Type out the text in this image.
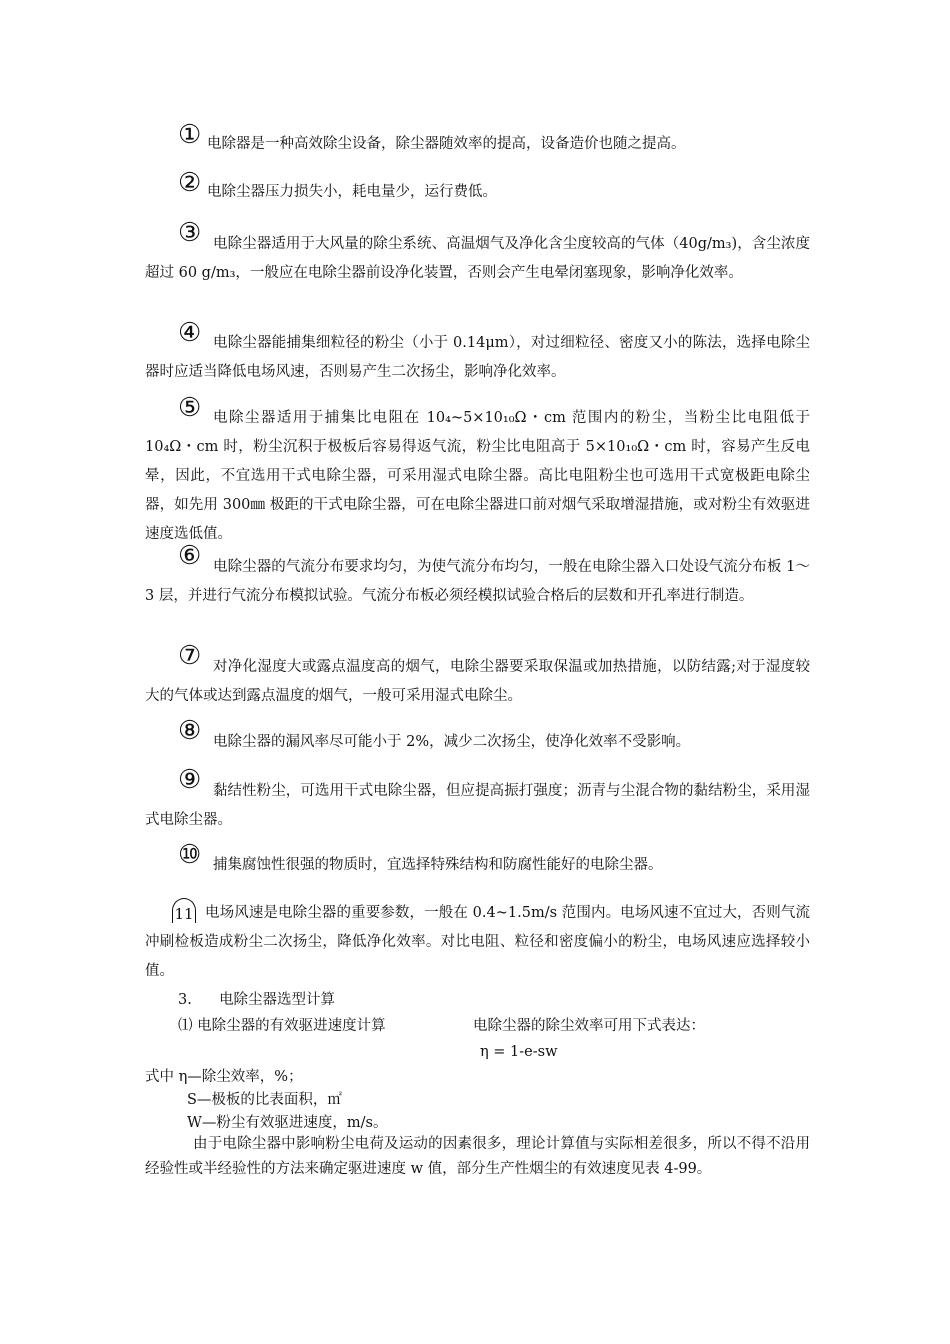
① 电除器是一种高效除尘设备，除尘器随效率的提高，设备造价也随之提高。
② 电除尘器压力损失小，耗电量少，运行费低。
③ 电除尘器适用于大风量的除尘系统、高温烟气及净化含尘度较高的气体（40g/m₃)，含尘浓度超过 60 g/m₃，一般应在电除尘器前设净化装置，否则会产生电晕闭塞现象，影响净化效率。
④ 电除尘器能捕集细粒径的粉尘（小于 0.14μm），对过细粒径、密度又小的陈法，选择电除尘器时应适当降低电场风速，否则易产生二次扬尘，影响净化效率。
⑤ 电除尘器适用于捕集比电阻在 10₄~5×10₁₀Ω・cm 范围内的粉尘，当粉尘比电阻低于 10₄Ω・cm 时，粉尘沉积于极板后容易得返气流，粉尘比电阻高于 5×10₁₀Ω・cm 时，容易产生反电晕，因此，不宜选用干式电除尘器，可采用湿式电除尘器。高比电阻粉尘也可选用干式宽极距电除尘器，如先用 300㎜ 极距的干式电除尘器，可在电除尘器进口前对烟气采取增湿措施，或对粉尘有效驱进速度选低值。
⑥ 电除尘器的气流分布要求均匀，为使气流分布均匀，一般在电除尘器入口处设气流分布板 1～3 层，并进行气流分布模拟试验。气流分布板必须经模拟试验合格后的层数和开孔率进行制造。
⑦ 对净化湿度大或露点温度高的烟气，电除尘器要采取保温或加热措施，以防结露;对于湿度较大的气体或达到露点温度的烟气，一般可采用湿式电除尘。
⑧ 电除尘器的漏风率尽可能小于 2%，减少二次扬尘，使净化效率不受影响。
⑨ 黏结性粉尘，可选用干式电除尘器，但应提高振打强度；沥青与尘混合物的黏结粉尘，采用湿式电除尘器。
⑩ 捕集腐蚀性很强的物质时，宜选择特殊结构和防腐性能好的电除尘器。
11 电场风速是电除尘器的重要参数，一般在 0.4~1.5m/s 范围内。电场风速不宜过大，否则气流冲刷检板造成粉尘二次扬尘，降低净化效率。对比电阻、粒径和密度偏小的粉尘，电场风速应选择较小值。
3. 电除尘器选型计算
⑴ 电除尘器的有效驱进速度计算	电除尘器的除尘效率可用下式表达：
η = 1-e-sw
式中 η—除尘效率，%；
S—极板的比表面积，㎡
W—粉尘有效驱进速度，m/s。
由于电除尘器中影响粉尘电荷及运动的因素很多，理论计算值与实际相差很多，所以不得不沿用经验性或半经验性的方法来确定驱进速度 w 值，部分生产性烟尘的有效速度见表 4-99。
